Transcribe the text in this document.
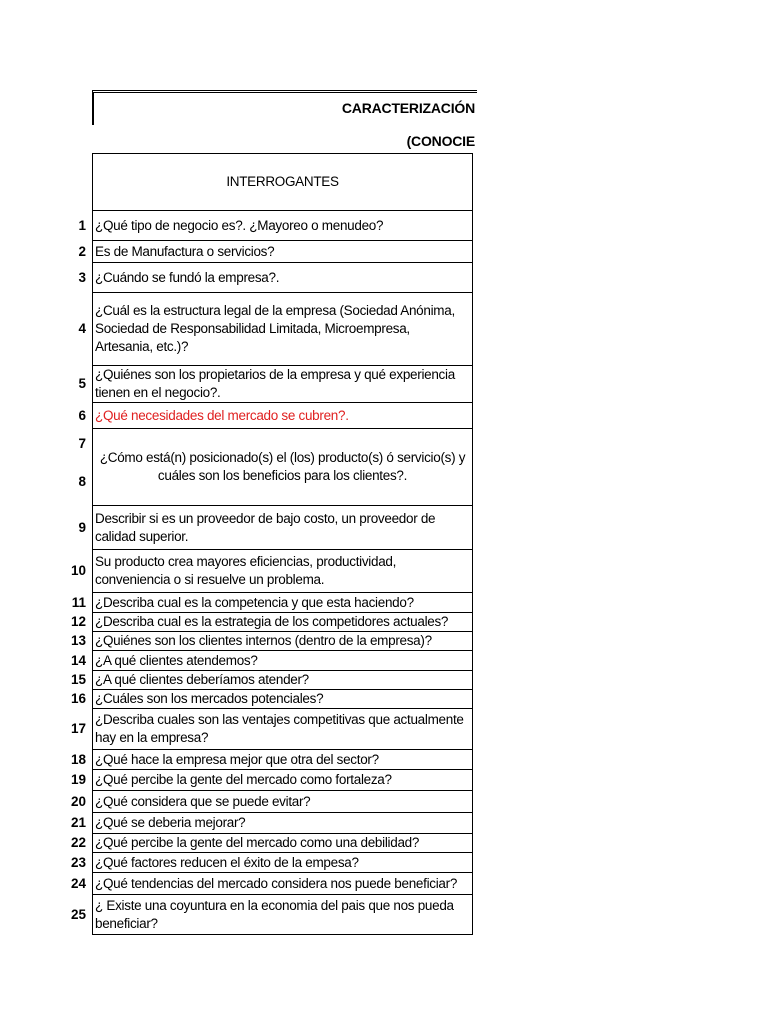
CARACTERIZACIÓN
(CONOCIE
INTERROGANTES
¿Qué tipo de negocio es?. ¿Mayoreo o menudeo?
1
Es de Manufactura o servicios?
2
¿Cuándo se fundó la empresa?.
3
¿Cuál es la estructura legal de la empresa (Sociedad Anónima, Sociedad de Responsabilidad Limitada, Microempresa, Artesania, etc.)?
4
¿Quiénes son los propietarios de la empresa y qué experiencia tienen en el negocio?.
5
¿Qué necesidades del mercado se cubren?.
6
¿Cómo está(n) posicionado(s) el (los) producto(s) ó servicio(s) y cuáles son los beneficios para los clientes?.
7
8
Describir si es un proveedor de bajo costo, un proveedor de calidad superior.
9
Su producto crea mayores eficiencias, productividad, conveniencia o si resuelve un problema.
10
¿Describa cual es la competencia y que esta haciendo?
11
¿Describa cual es la estrategia de los competidores actuales?
12
¿Quiénes son los clientes internos (dentro de la empresa)?
13
¿A qué clientes atendemos?
14
¿A qué clientes deberíamos atender?
15
¿Cuáles son los mercados potenciales?
16
¿Describa cuales son las ventajes competitivas que actualmente hay en la empresa?
17
¿Qué hace la empresa mejor que otra del sector?
18
¿Qué percibe la gente del mercado como fortaleza?
19
¿Qué considera que se puede evitar?
20
¿Qué se deberia mejorar?
21
¿Qué percibe la gente del mercado como una debilidad?
22
¿Qué factores reducen el éxito de la empesa?
23
¿Qué tendencias del mercado considera nos puede beneficiar?
24
¿ Existe una coyuntura en la economia del pais que nos pueda beneficiar?
25
